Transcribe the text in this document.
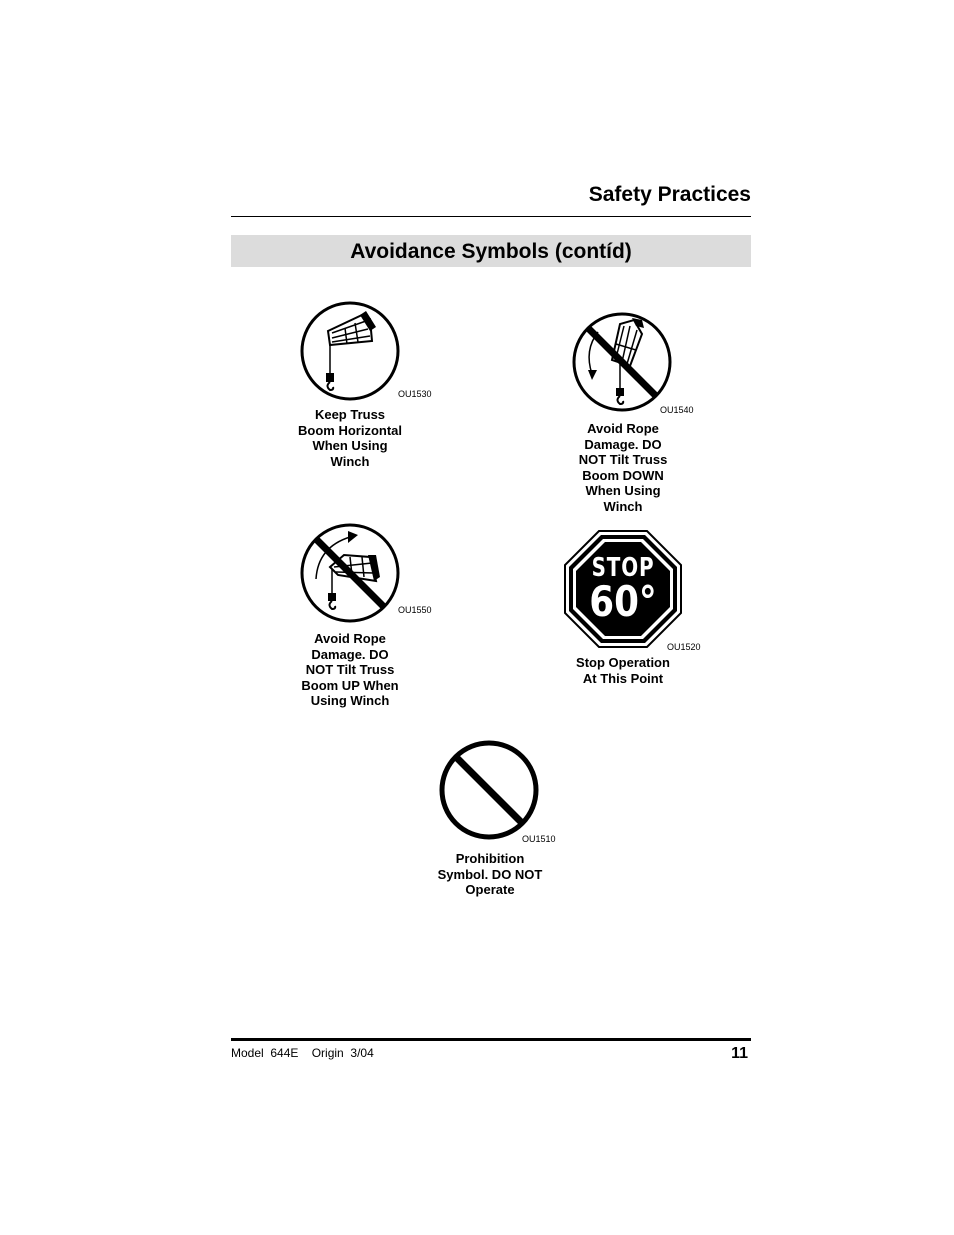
Safety Practices
Avoidance Symbols (contíd)
OU1530
Keep Truss
Boom Horizontal
When Using
Winch
OU1540
Avoid Rope
Damage. DO
NOT Tilt Truss
Boom DOWN
When Using
Winch
OU1550
Avoid Rope
Damage. DO
NOT Tilt Truss
Boom UP When
Using Winch
STOP
60°
OU1520
Stop Operation
At This Point
OU1510
Prohibition
Symbol. DO NOT
Operate
Model  644E    Origin  3/04	11
